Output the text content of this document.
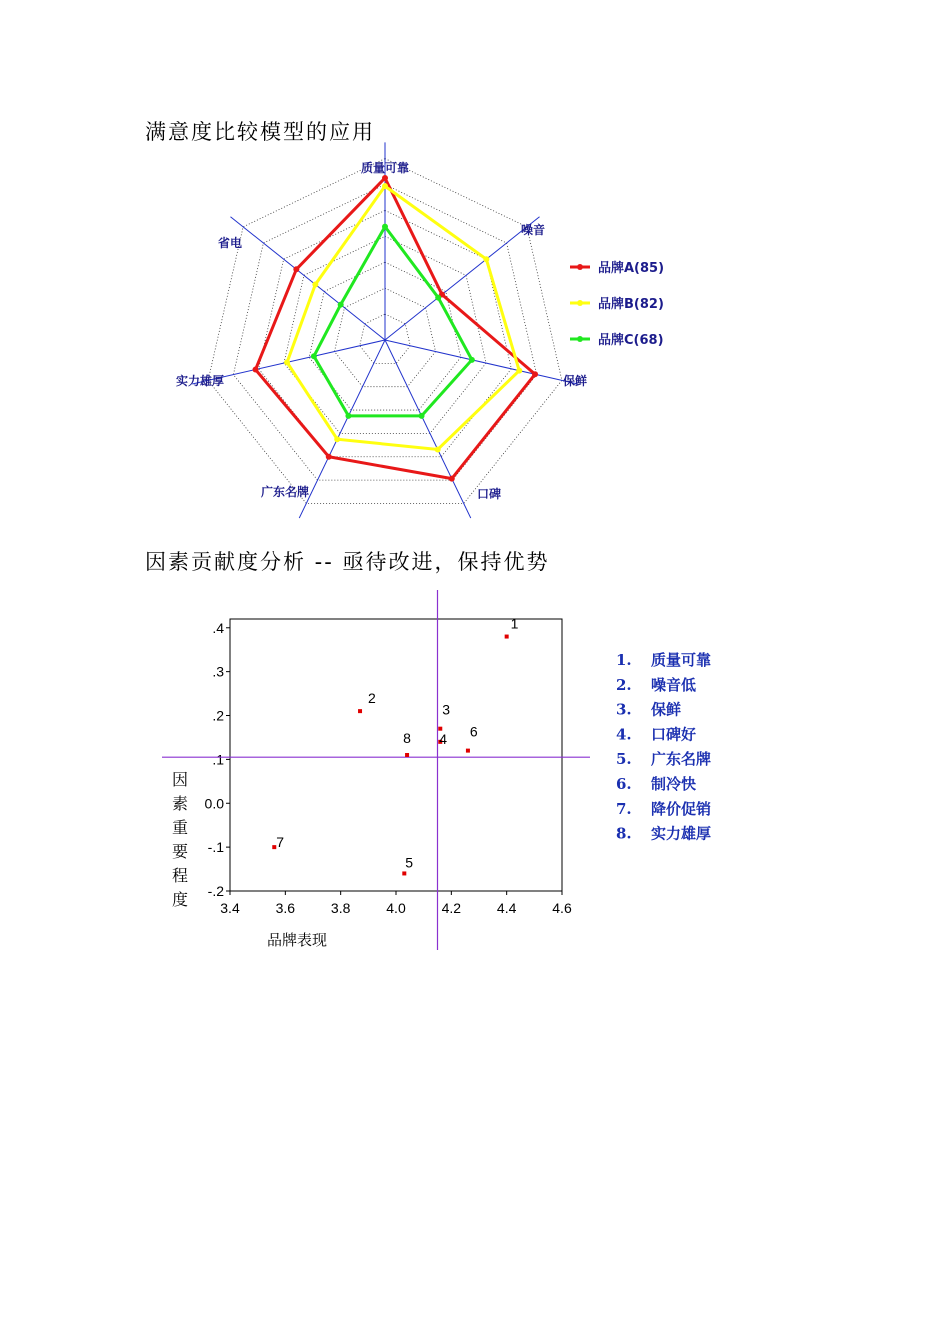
满意度比较模型的应用
因素贡献度分析 -- 亟待改进，保持优势
质量可靠
噪音
保鲜
口碑
广东名牌
实力雄厚
省电
品牌A(85)
品牌B(82)
品牌C(68)
.4
.3
.2
.1
0.0
-.1
-.2
3.4	3.6	3.8	4.0	4.2	4.4	4.6
1
2
3
4
5
6
7
8
因
素
重
要
程
度
品牌表现
1. 质量可靠
2. 噪音低
3. 保鲜
4. 口碑好
5. 广东名牌
6. 制冷快
7. 降价促销
8. 实力雄厚
